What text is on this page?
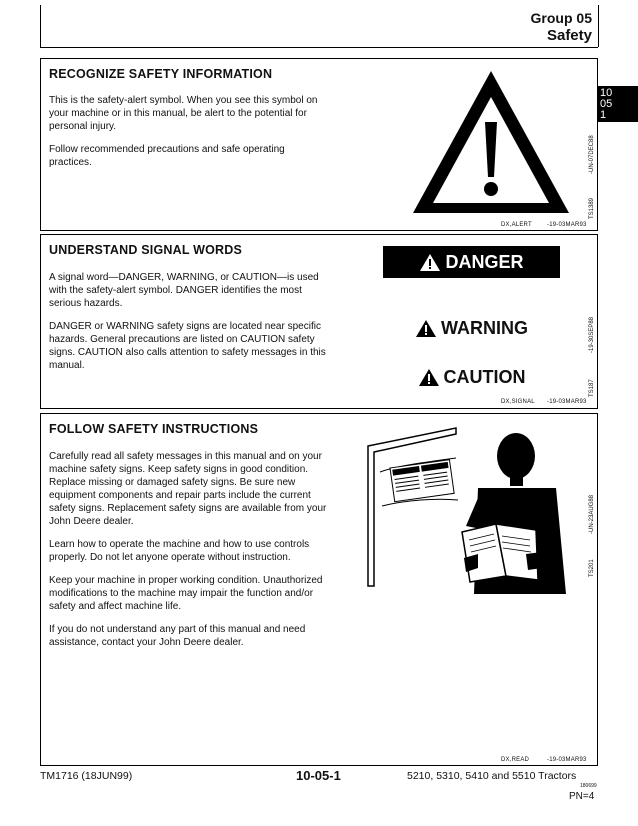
Group 05
Safety
10
05
1
RECOGNIZE SAFETY INFORMATION

This is the safety-alert symbol. When you see this symbol on your machine or in this manual, be alert to the potential for personal injury.

Follow recommended precautions and safe operating practices.

TS1389
-UN-07DEC88
DX,ALERT	-19-03MAR93
UNDERSTAND SIGNAL WORDS

A signal word—DANGER, WARNING, or CAUTION—is used with the safety-alert symbol. DANGER identifies the most serious hazards.

DANGER or WARNING safety signs are located near specific hazards. General precautions are listed on CAUTION safety signs. CAUTION also calls attention to safety messages in this manual.

DANGER
WARNING
CAUTION
TS187
-19-30SEP88
DX,SIGNAL -19-03MAR93
FOLLOW SAFETY INSTRUCTIONS

Carefully read all safety messages in this manual and on your machine safety signs. Keep safety signs in good condition. Replace missing or damaged safety signs. Be sure new equipment components and repair parts include the current safety signs. Replacement safety signs are available from your John Deere dealer.

Learn how to operate the machine and how to use controls properly. Do not let anyone operate without instruction.

Keep your machine in proper working condition. Unauthorized modifications to the machine may impair the function and/or safety and affect machine life.

If you do not understand any part of this manual and need assistance, contact your John Deere dealer.

TS201
-UN-23AUG88
DX,READ	-19-03MAR93
TM1716 (18JUN99)	10-05-1	5210, 5310, 5410 and 5510 Tractors
180699
PN=4
